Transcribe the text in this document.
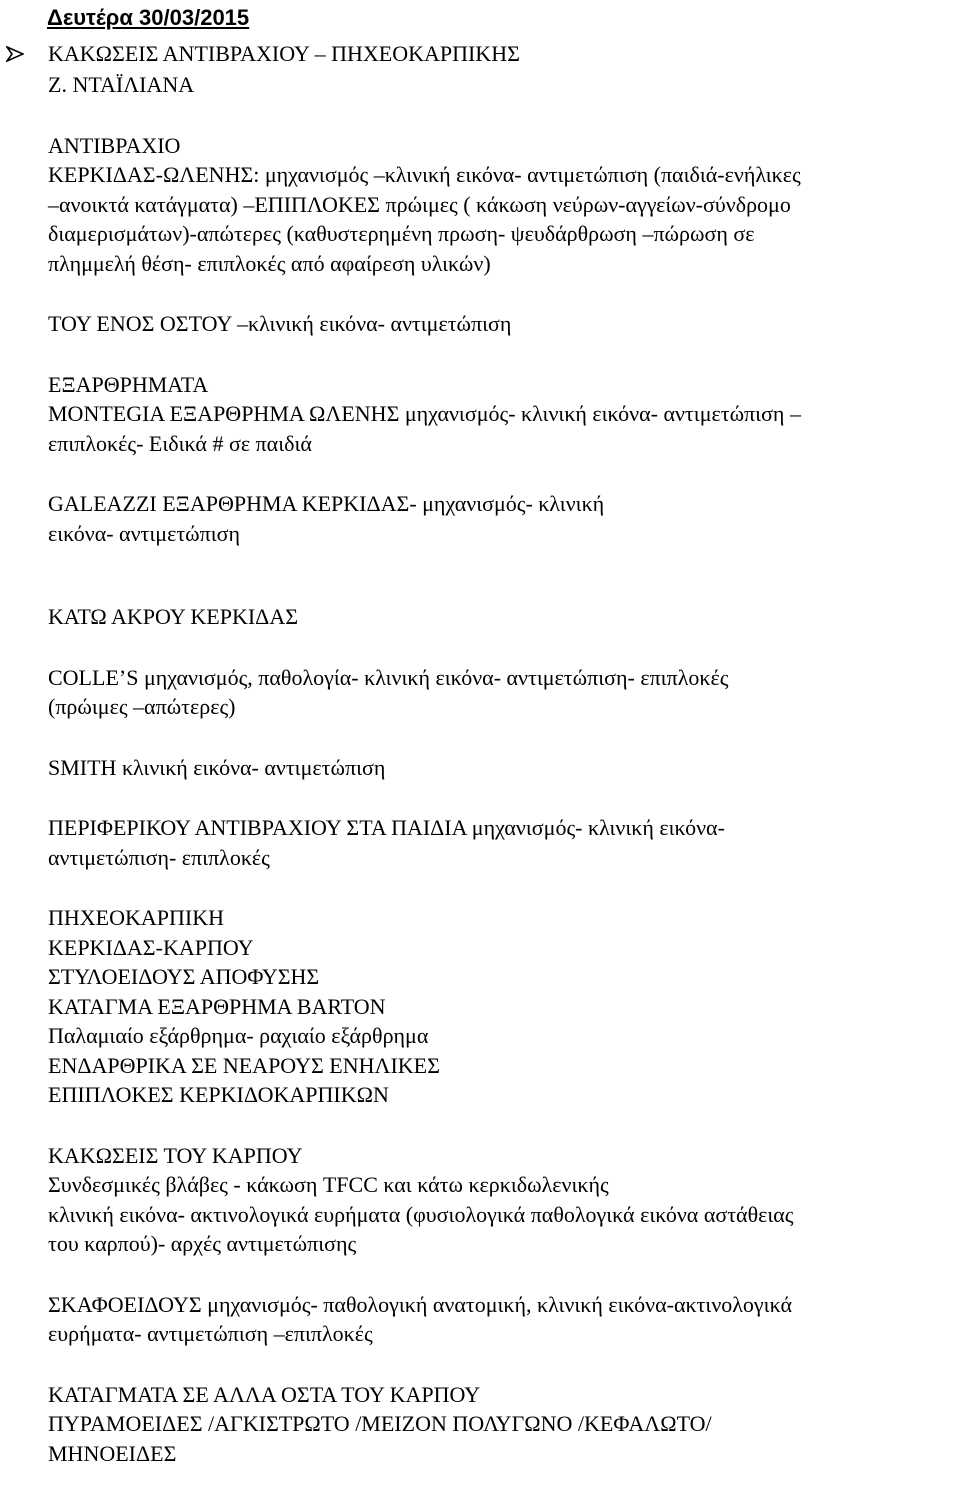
Δευτέρα 30/03/2015
ΚΑΚΩΣΕΙΣ ΑΝΤΙΒΡΑΧΙΟΥ – ΠΗΧΕΟΚΑΡΠΙΚΗΣ
Ζ. ΝΤΑΪΛΙΑΝΑ
ΑΝΤΙΒΡΑΧΙΟ
ΚΕΡΚΙΔΑΣ-ΩΛΕΝΗΣ: μηχανισμός –κλινική εικόνα- αντιμετώπιση (παιδιά-ενήλικες
–ανοικτά κατάγματα) –ΕΠΙΠΛΟΚΕΣ πρώιμες ( κάκωση νεύρων-αγγείων-σύνδρομο
διαμερισμάτων)-απώτερες (καθυστερημένη πρωση- ψευδάρθρωση –πώρωση σε
πλημμελή θέση- επιπλοκές από αφαίρεση υλικών)
ΤΟΥ ΕΝΟΣ ΟΣΤΟΥ –κλινική εικόνα- αντιμετώπιση
ΕΞΑΡΘΡΗΜΑΤΑ
MONTEGIA ΕΞΑΡΘΡΗΜΑ ΩΛΕΝΗΣ μηχανισμός- κλινική εικόνα- αντιμετώπιση –
επιπλοκές- Ειδικά # σε παιδιά
GALEAZZI ΕΞΑΡΘΡΗΜΑ ΚΕΡΚΙΔΑΣ- μηχανισμός- κλινική
εικόνα- αντιμετώπιση
ΚΑΤΩ ΑΚΡΟΥ ΚΕΡΚΙΔΑΣ
COLLE’S μηχανισμός, παθολογία- κλινική εικόνα- αντιμετώπιση- επιπλοκές
(πρώιμες –απώτερες)
SMITH κλινική εικόνα- αντιμετώπιση
ΠΕΡΙΦΕΡΙΚΟΥ ΑΝΤΙΒΡΑΧΙΟΥ ΣΤΑ ΠΑΙΔΙΑ μηχανισμός- κλινική εικόνα-
αντιμετώπιση- επιπλοκές
ΠΗΧΕΟΚΑΡΠΙΚΗ
ΚΕΡΚΙΔΑΣ-ΚΑΡΠΟΥ
ΣΤΥΛΟΕΙΔΟΥΣ ΑΠΟΦΥΣΗΣ
ΚΑΤΑΓΜΑ ΕΞΑΡΘΡΗΜΑ BARTON
Παλαμιαίο εξάρθρημα- ραχιαίο εξάρθρημα
ΕΝΔΑΡΘΡΙΚΑ ΣΕ ΝΕΑΡΟΥΣ ΕΝΗΛΙΚΕΣ
ΕΠΙΠΛΟΚΕΣ ΚΕΡΚΙΔΟΚΑΡΠΙΚΩΝ
ΚΑΚΩΣΕΙΣ ΤΟΥ ΚΑΡΠΟΥ
Συνδεσμικές βλάβες - κάκωση TFCC και κάτω κερκιδωλενικής
κλινική εικόνα- ακτινολογικά ευρήματα (φυσιολογικά παθολογικά εικόνα αστάθειας
του καρπού)- αρχές αντιμετώπισης
ΣΚΑΦΟΕΙΔΟΥΣ μηχανισμός- παθολογική ανατομική, κλινική εικόνα-ακτινολογικά
ευρήματα- αντιμετώπιση –επιπλοκές
ΚΑΤΑΓΜΑΤΑ ΣΕ ΑΛΛΑ ΟΣΤΑ ΤΟΥ ΚΑΡΠΟΥ
ΠΥΡΑΜΟΕΙΔΕΣ /ΑΓΚΙΣΤΡΩΤΟ /ΜΕΙΖΟΝ ΠΟΛΥΓΩΝΟ /ΚΕΦΑΛΩΤΟ/
ΜΗΝΟΕΙΔΕΣ
